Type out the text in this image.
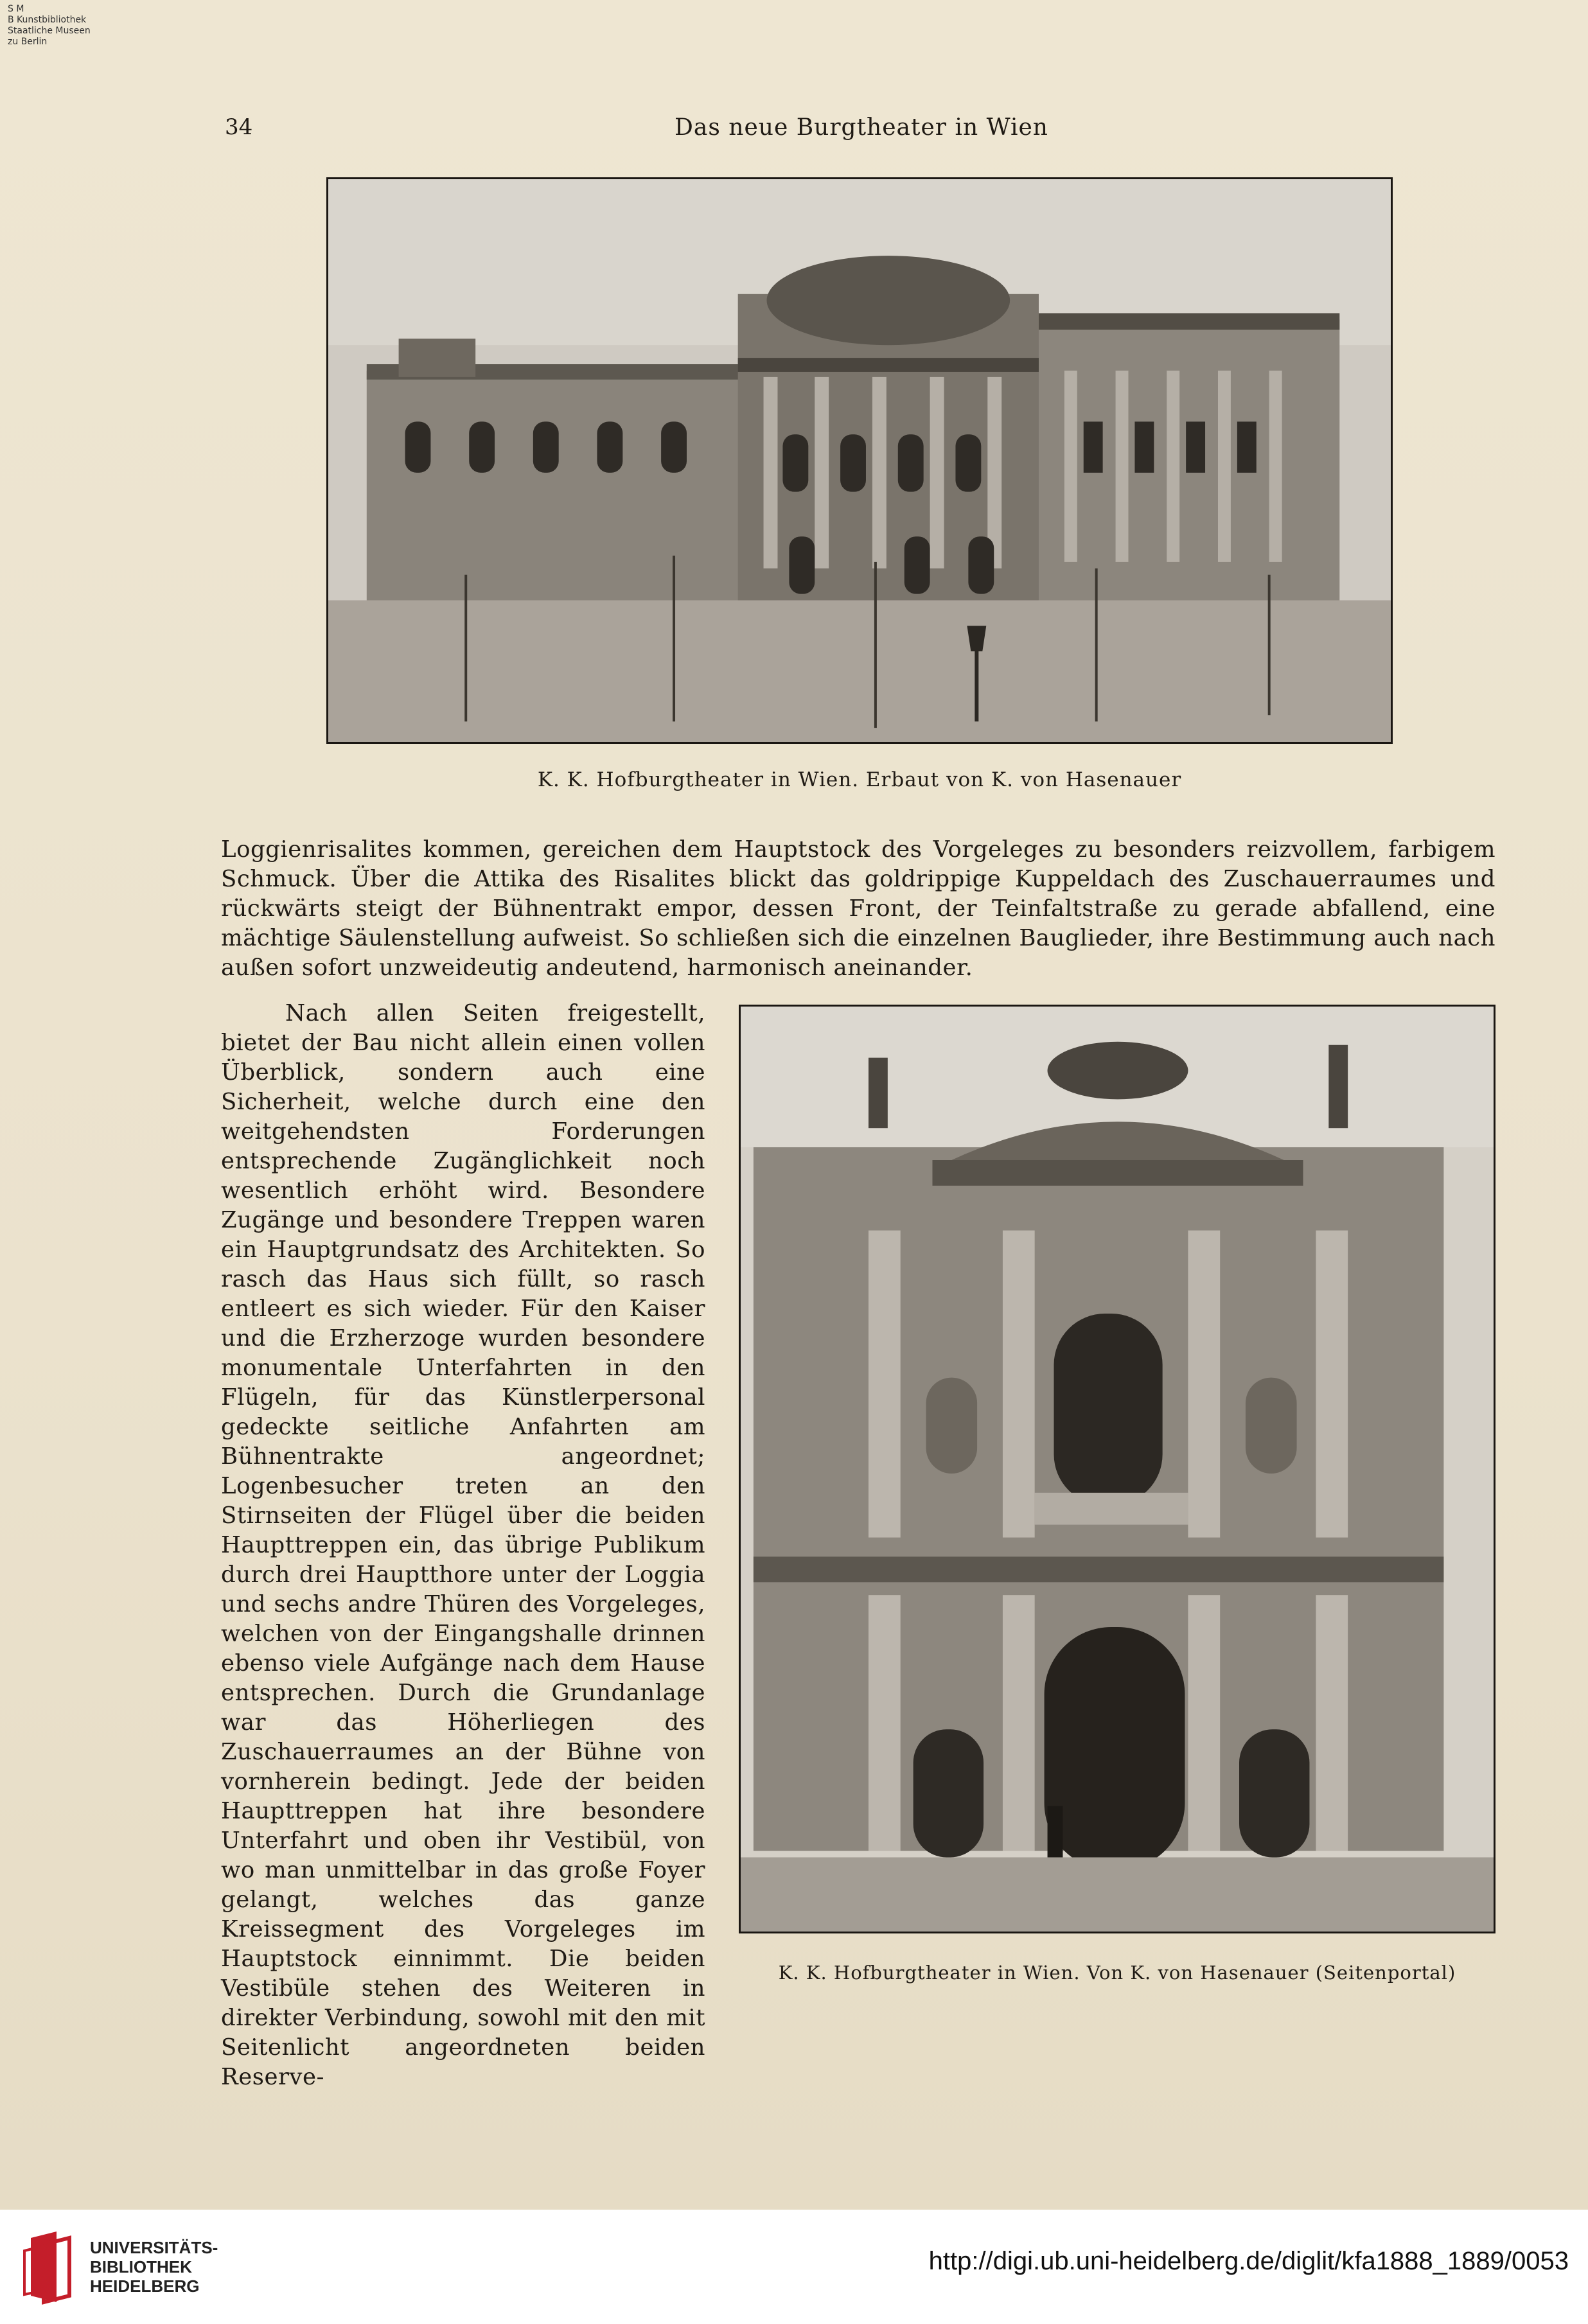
S M
B Kunstbibliothek
Staatliche Museen
zu Berlin
34	Das neue Burgtheater in Wien
K. K. Hofburgtheater in Wien. Erbaut von K. von Hasenauer
Loggienrisalites kommen, gereichen dem Hauptstock des Vorgeleges zu besonders reizvollem, farbigem Schmuck. Über die Attika des Risalites blickt das goldrippige Kuppeldach des Zuschauerraumes und rückwärts steigt der Bühnentrakt empor, dessen Front, der Teinfaltstraße zu gerade abfallend, eine mächtige Säulenstellung aufweist. So schließen sich die einzelnen Bauglieder, ihre Bestimmung auch nach außen sofort unzweideutig andeutend, harmonisch aneinander.
Nach allen Seiten freigestellt, bietet der Bau nicht allein einen vollen Überblick, sondern auch eine Sicherheit, welche durch eine den weitgehendsten Forderungen entsprechende Zugänglichkeit noch wesentlich erhöht wird. Besondere Zugänge und besondere Treppen waren ein Hauptgrundsatz des Architekten. So rasch das Haus sich füllt, so rasch entleert es sich wieder. Für den Kaiser und die Erzherzoge wurden besondere monumentale Unterfahrten in den Flügeln, für das Künstlerpersonal gedeckte seitliche Anfahrten am Bühnentrakte angeordnet; Logenbesucher treten an den Stirnseiten der Flügel über die beiden Haupttreppen ein, das übrige Publikum durch drei Hauptthore unter der Loggia und sechs andre Thüren des Vorgeleges, welchen von der Eingangshalle drinnen ebenso viele Aufgänge nach dem Hause entsprechen. Durch die Grundanlage war das Höherliegen des Zuschauerraumes an der Bühne von vornherein bedingt. Jede der beiden Haupttreppen hat ihre besondere Unterfahrt und oben ihr Vestibül, von wo man unmittelbar in das große Foyer gelangt, welches das ganze Kreissegment des Vorgeleges im Hauptstock einnimmt. Die beiden Vestibüle stehen des Weiteren in direkter Verbindung, sowohl mit den mit Seitenlicht angeordneten beiden Reserve-
K. K. Hofburgtheater in Wien. Von K. von Hasenauer (Seitenportal)
UNIVERSITÄTS-
BIBLIOTHEK
HEIDELBERG
http://digi.ub.uni-heidelberg.de/diglit/kfa1888_1889/0053
